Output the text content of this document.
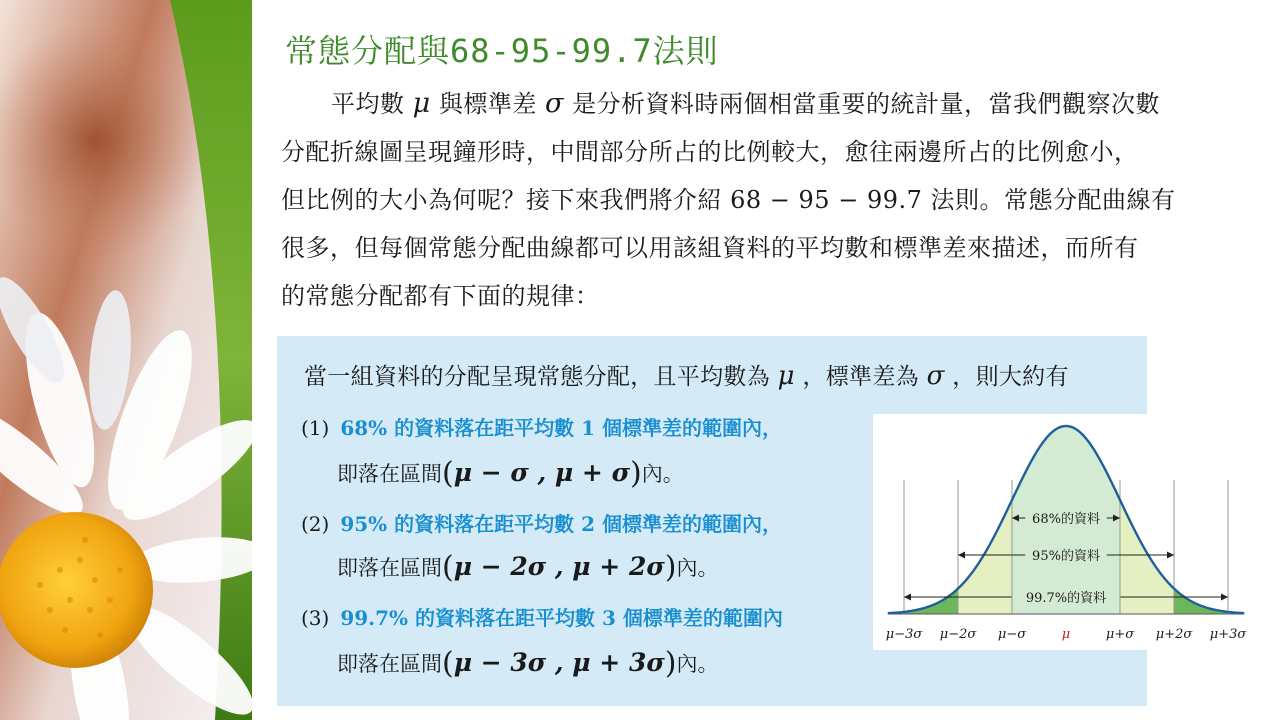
常態分配與68-95-99.7法則
平均數 μ 與標準差 σ 是分析資料時兩個相當重要的統計量，當我們觀察次數
分配折線圖呈現鐘形時，中間部分所占的比例較大，愈往兩邊所占的比例愈小，
但比例的大小為何呢？接下來我們將介紹 68 − 95 − 99.7 法則。常態分配曲線有
很多，但每個常態分配曲線都可以用該組資料的平均數和標準差來描述，而所有
的常態分配都有下面的規律：
當一組資料的分配呈現常態分配，且平均數為 μ ，標準差為 σ ，則大約有
(1) 68% 的資料落在距平均數 1 個標準差的範圍內，
即落在區間(μ − σ , μ + σ)內。
(2) 95% 的資料落在距平均數 2 個標準差的範圍內，
即落在區間(μ − 2σ , μ + 2σ)內。
(3) 99.7% 的資料落在距平均數 3 個標準差的範圍內
即落在區間(μ − 3σ , μ + 3σ)內。
68%的資料
95%的資料
99.7%的資料
μ−3σ μ−2σ μ−σ	μ	μ+σ μ+2σ μ+3σ
